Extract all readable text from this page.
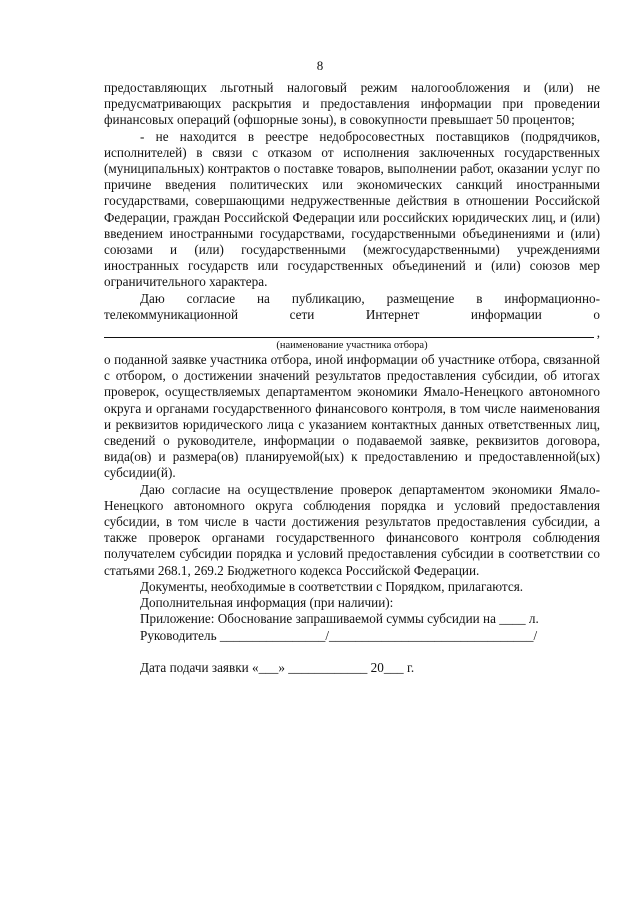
8

предоставляющих льготный налоговый режим налогообложения и (или) не предусматривающих раскрытия и предоставления информации при проведении финансовых операций (офшорные зоны), в совокупности превышает 50 процентов;

- не находится в реестре недобросовестных поставщиков (подрядчиков, исполнителей) в связи с отказом от исполнения заключенных государственных (муниципальных) контрактов о поставке товаров, выполнении работ, оказании услуг по причине введения политических или экономических санкций иностранными государствами, совершающими недружественные действия в отношении Российской Федерации, граждан Российской Федерации или российских юридических лиц, и (или) введением иностранными государствами, государственными объединениями и (или) союзами и (или) государственными (межгосударственными) учреждениями иностранных государств или государственных объединений и (или) союзов мер ограничительного характера.

Даю согласие на публикацию, размещение в информационно-

телекоммуникационной сети Интернет информации о

,

(наименование участника отбора)

о поданной заявке участника отбора, иной информации об участнике отбора, связанной с отбором, о достижении значений результатов предоставления субсидии, об итогах проверок, осуществляемых департаментом экономики Ямало-Ненецкого автономного округа и органами государственного финансового контроля, в том числе наименования и реквизитов юридического лица с указанием контактных данных ответственных лиц, сведений о руководителе, информации о подаваемой заявке, реквизитов договора, вида(ов) и размера(ов) планируемой(ых) к предоставлению и предоставленной(ых) субсидии(й).

Даю согласие на осуществление проверок департаментом экономики Ямало-Ненецкого автономного округа соблюдения порядка и условий предоставления субсидии, в том числе в части достижения результатов предоставления субсидии, а также проверок органами государственного финансового контроля соблюдения получателем субсидии порядка и условий предоставления субсидии в соответствии со статьями 268.1, 269.2 Бюджетного кодекса Российской Федерации.

Документы, необходимые в соответствии с Порядком, прилагаются.

Дополнительная информация (при наличии):

Приложение: Обоснование запрашиваемой суммы субсидии на ____ л.

Руководитель ________________/_______________________________/

Дата подачи заявки «___» ____________ 20___ г.
